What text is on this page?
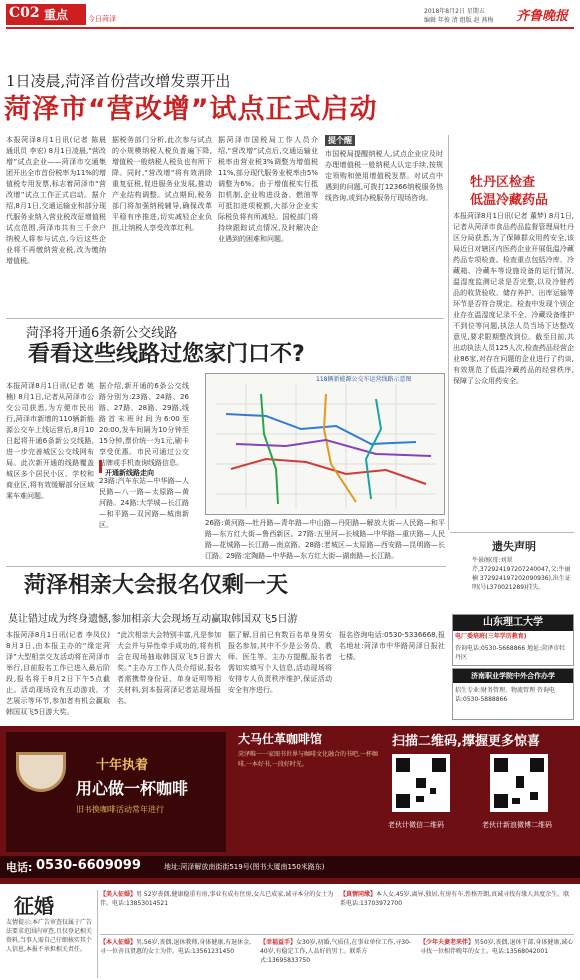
C02 重点	今日菏泽
2018年8月2日 星期五
编辑 年俊 清 组版 赵 燕梅 齐鲁晚报
1日凌晨,菏泽首份营改增发票开出
菏泽市“营改增”试点正式启动
本报菏泽8月1日讯(记者 陈晨 通讯员 李宏) 8月1日凌晨,“营改增”试点企业——菏泽市交通集团开出全市首份税率为11%的增值税专用发票,标志着菏泽市“营改增”试点工作正式启动。据介绍,8月1日,交通运输业和部分现代服务业纳入营业税改征增值税试点范围,菏泽市共有三千余户纳税人将参与试点,今后这些企业将不再缴纳营业税,改为缴纳增值税。
据税务部门分析,此次参与试点的小规模纳税人税负普遍下降,增值税一般纳税人税负也有所下降。同时,“营改增”将有效消除重复征税,促进服务业发展,推动产业结构调整。试点期间,税务部门将加强纳税辅导,确保改革平稳有序推进,切实减轻企业负担,让纳税人享受改革红利。
据菏泽市国税局工作人员介绍,“营改增”试点后,交通运输业税率由营业税3%调整为增值税11%,部分现代服务业税率由5%调整为6%。由于增值税实行抵扣机制,企业购进设备、燃油等可抵扣进项税额,大部分企业实际税负将有所减轻。国税部门将持续跟踪试点情况,及时解决企业遇到的困难和问题。
提个醒
市国税局提醒纳税人,试点企业应及时办理增值税一般纳税人认定手续,按规定领购和使用增值税发票。对试点中遇到的问题,可拨打12366纳税服务热线咨询,或到办税服务厅现场咨询。
牡丹区检查
低温冷藏药品
本报菏泽8月1日讯(记者 董梦) 8月1日,记者从菏泽市食品药品监督管理局牡丹区分局获悉,为了保障群众用药安全,该局近日对辖区内医药企业开展低温冷藏药品专项检查。检查重点包括冷库、冷藏箱、冷藏车等设施设备的运行情况,温湿度监测记录是否完整,以及冷链药品的收货验收、储存养护、出库运输等环节是否符合规定。检查中发现个别企业存在温湿度记录不全、冷藏设备维护不到位等问题,执法人员当场下达整改意见,要求限期整改到位。截至目前,共出动执法人员125人次,检查药品经营企业86家,对存在问题的企业进行了约谈,有效规范了低温冷藏药品的经营秩序,保障了公众用药安全。
菏泽将开通6条新公交线路
看看这些线路过您家门口不?
本报菏泽8月1日讯(记者 姚楠) 8月1日,记者从菏泽市公交公司获悉,为方便市民出行,菏泽市新增的110辆新能源公交车上线运营后,8月10日起将开通6条新公交线路,进一步完善城区公交线网布局。此次新开通的线路覆盖城区多个居民小区、学校和商业区,将有效缓解部分区域乘车难问题。
据介绍,新开通的6条公交线路分别为:23路、24路、26路、27路、28路、29路,线路首末班时间为6:00至20:00,发车间隔为10分钟至15分钟,票价统一为1元,刷卡享受优惠。市民可通过公交站牌或手机查询线路信息。
开通新线路走向
23路:汽车东站—中华路—人民路—八一路—太原路—黄河路。24路:大学城—长江路—和平路—双河路—城南新区。
118辆新能源公交车运营线路示意图
26路:黄河路—牡丹路—青年路—中山路—丹阳路—解放大街—人民路—和平路—东方红大街—鲁西新区。27路:五里河—长城路—中华路—重庆路—人民路—花城路—长江路—南京路。28路:老城区—太原路—西安路—昆明路—长江路。29路:定陶路—中华路—东方红大街—湖南路—长江路。
遗失声明
牛景阁(母:刘翠芹,372924197207240047,父:牛丽楠 372924197202090936),出生证明(号L370021289)挂失。
山东理工大学
电厂委培班(三年学历教育)
咨询电话:0530-5668866 地址:菏泽市牡丹区
济南职业学院中外合作办学
招生专业:财务管理、物流管理 咨询电话:0530-5888866
菏泽相亲大会报名仅剩一天
莫让错过成为终身遗憾,参加相亲大会现场互动赢取韩国双飞5日游
本报菏泽8月1日讯(记者 李凤仪) 8月3日,由本报主办的“缘定菏泽”大型相亲交友活动将在菏泽市举行,目前报名工作已进入最后阶段,报名将于8月2日下午5点截止。活动现场设有互动游戏、才艺展示等环节,参加者有机会赢取韩国双飞5日游大奖。
“此次相亲大会特别丰富,凡是参加大会并与异性牵手成功的,将有机会在现场抽取韩国双飞5日游大奖。”主办方工作人员介绍说,报名者需携带身份证、单身证明等相关材料,到本报菏泽记者站现场报名。
据了解,目前已有数百名单身男女报名参加,其中不少是公务员、教师、医生等。主办方提醒,报名者需如实填写个人信息,活动现场将安排专人负责秩序维护,保证活动安全有序进行。
报名咨询电话:0530-5336668,报名地址:菏泽市中华路菏泽日报社七楼。
十年执着
用心做一杯咖啡
旧书换咖啡活动常年进行
大马仕革咖啡馆
菏泽唯一一家图书世界与咖啡文化融合的书吧,一杯咖啡,一本好书,一段好时光。
扫描二维码,撑握更多惊喜
老伙计微信二维码	老伙计新浪微博二维码
电话: 0530-6609099	地址:菏泽解放南街街519号(图书大厦南150米路东)
征婚
友情提示:本广告审查仅属于广告法要求范围内审查,且仅登记相关资料,当事人需自己仔细核实其个人信息,本报不承担相关责任。
【美人征婚】男 52岁丧偶,健康稳重有房,事业有成有住房,女儿已成家,诚寻本分的女士为伴。电话:13853014521
【真情同缘】本人女,45岁,离异,独居,有房有车,性格开朗,真诚寻找有缘人共度余生。联系电话:13703972700
【本人征婚】男,56岁,丧偶,退休教师,身体健康,有退休金,寻一位善良贤惠的女士为伴。电话:13561231450
【幸福益手】女30岁,初婚,气质佳,在事业单位工作,寻30-40岁,有稳定工作,人品好的男士。联系方式:13695833750
【少年夫妻老来伴】男50岁,丧偶,退休干部,身体健康,诚心寻找一位相伴晚年的女士。电话:13568042001
